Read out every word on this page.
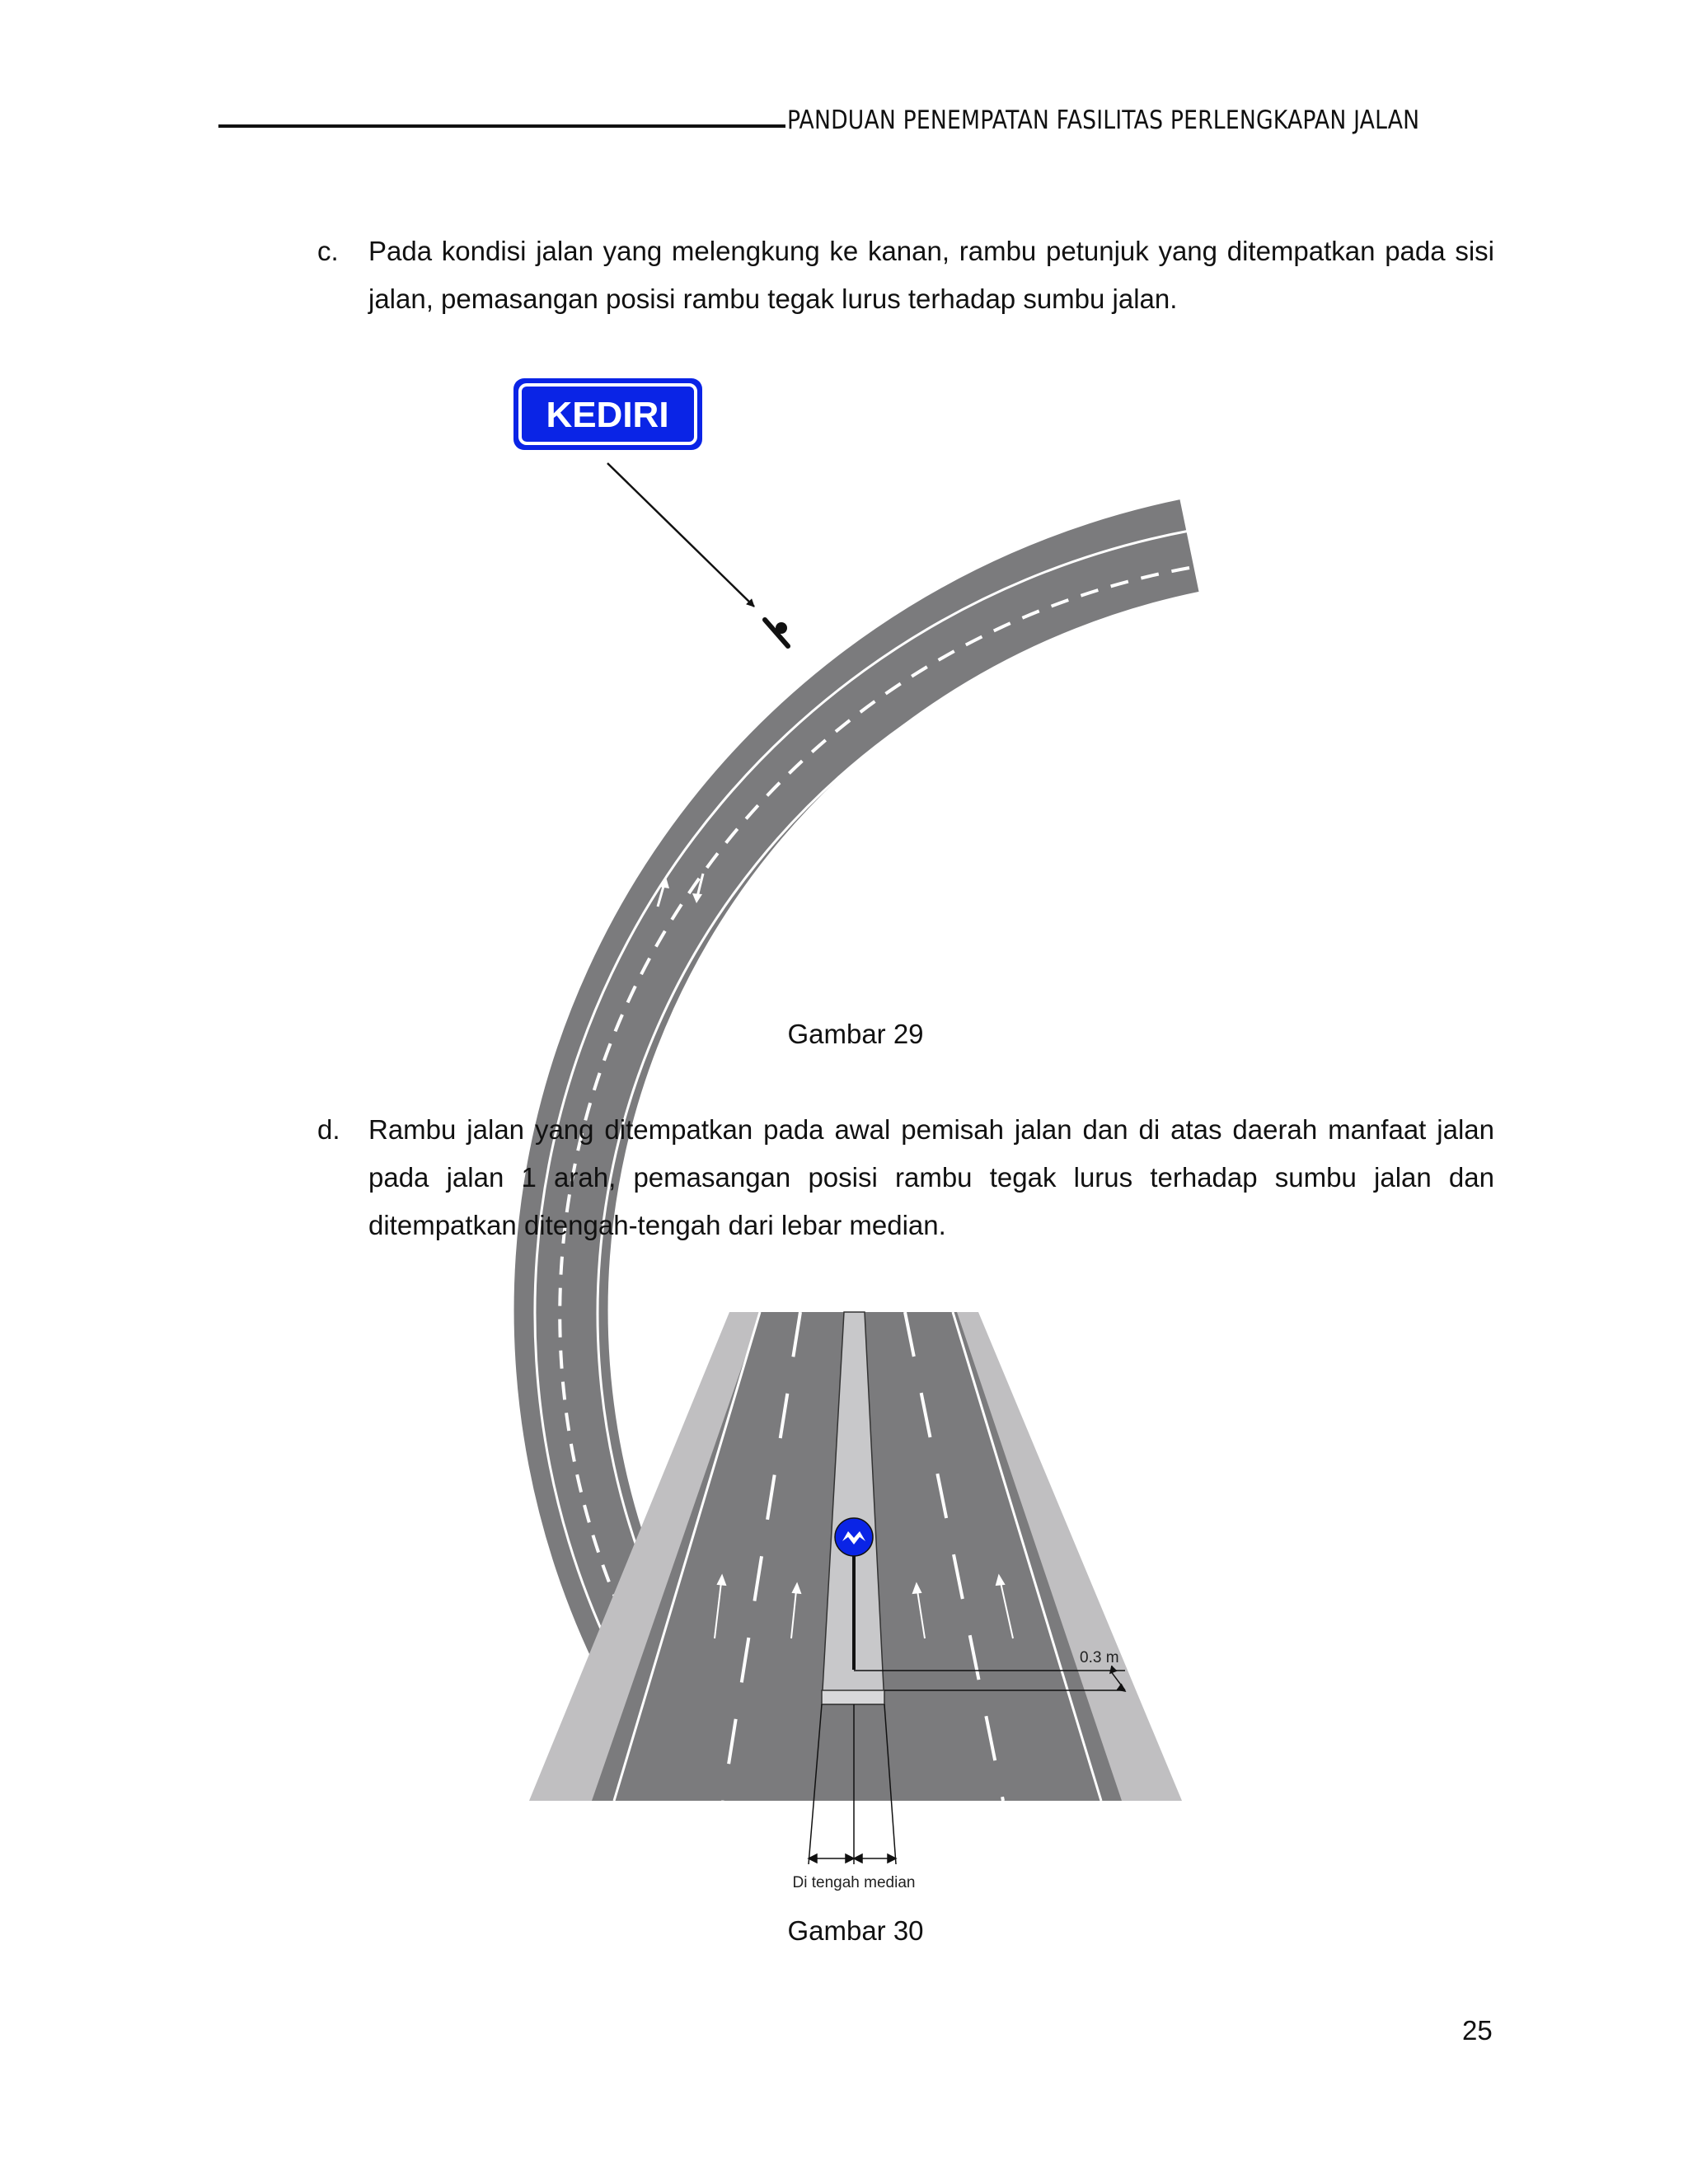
PANDUAN PENEMPATAN FASILITAS PERLENGKAPAN JALAN
c. Pada kondisi jalan yang melengkung ke kanan, rambu petunjuk yang ditempatkan pada sisi jalan, pemasangan posisi rambu tegak lurus terhadap sumbu jalan.
KEDIRI
Gambar 29
d. Rambu jalan yang ditempatkan pada awal pemisah jalan dan di atas daerah manfaat jalan pada jalan 1 arah, pemasangan posisi rambu tegak lurus terhadap sumbu jalan dan ditempatkan ditengah-tengah dari lebar median.
0.3 m
Di tengah median
Gambar 30
25
